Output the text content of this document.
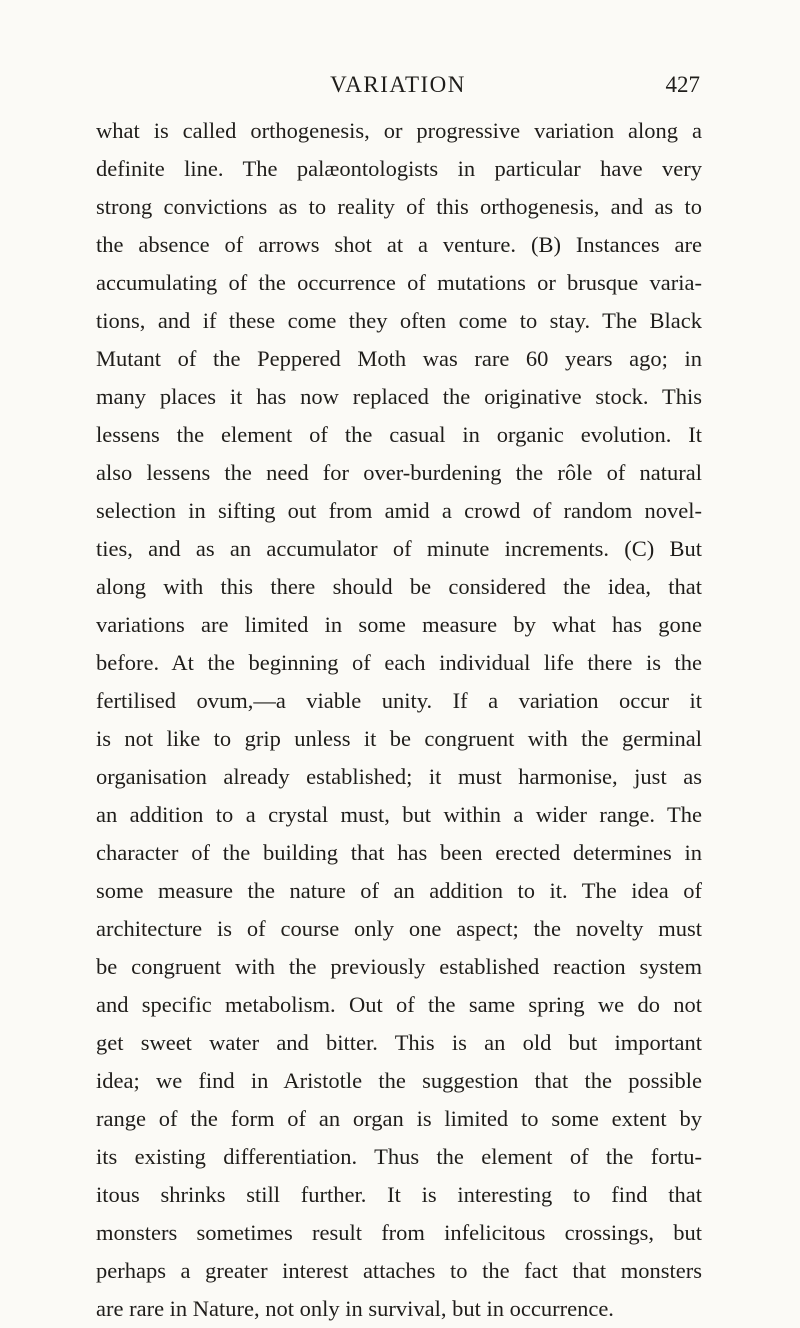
VARIATION	427
what is called orthogenesis, or progressive variation along a
definite line. The palæontologists in particular have very
strong convictions as to reality of this orthogenesis, and as to
the absence of arrows shot at a venture. (B) Instances are
accumulating of the occurrence of mutations or brusque varia-
tions, and if these come they often come to stay. The Black
Mutant of the Peppered Moth was rare 60 years ago; in
many places it has now replaced the originative stock. This
lessens the element of the casual in organic evolution. It
also lessens the need for over-burdening the rôle of natural
selection in sifting out from amid a crowd of random novel-
ties, and as an accumulator of minute increments. (C) But
along with this there should be considered the idea, that
variations are limited in some measure by what has gone
before. At the beginning of each individual life there is the
fertilised ovum,—a viable unity. If a variation occur it
is not like to grip unless it be congruent with the germinal
organisation already established; it must harmonise, just as
an addition to a crystal must, but within a wider range. The
character of the building that has been erected determines in
some measure the nature of an addition to it. The idea of
architecture is of course only one aspect; the novelty must
be congruent with the previously established reaction system
and specific metabolism. Out of the same spring we do not
get sweet water and bitter. This is an old but important
idea; we find in Aristotle the suggestion that the possible
range of the form of an organ is limited to some extent by
its existing differentiation. Thus the element of the fortu-
itous shrinks still further. It is interesting to find that
monsters sometimes result from infelicitous crossings, but
perhaps a greater interest attaches to the fact that monsters
are rare in Nature, not only in survival, but in occurrence.
